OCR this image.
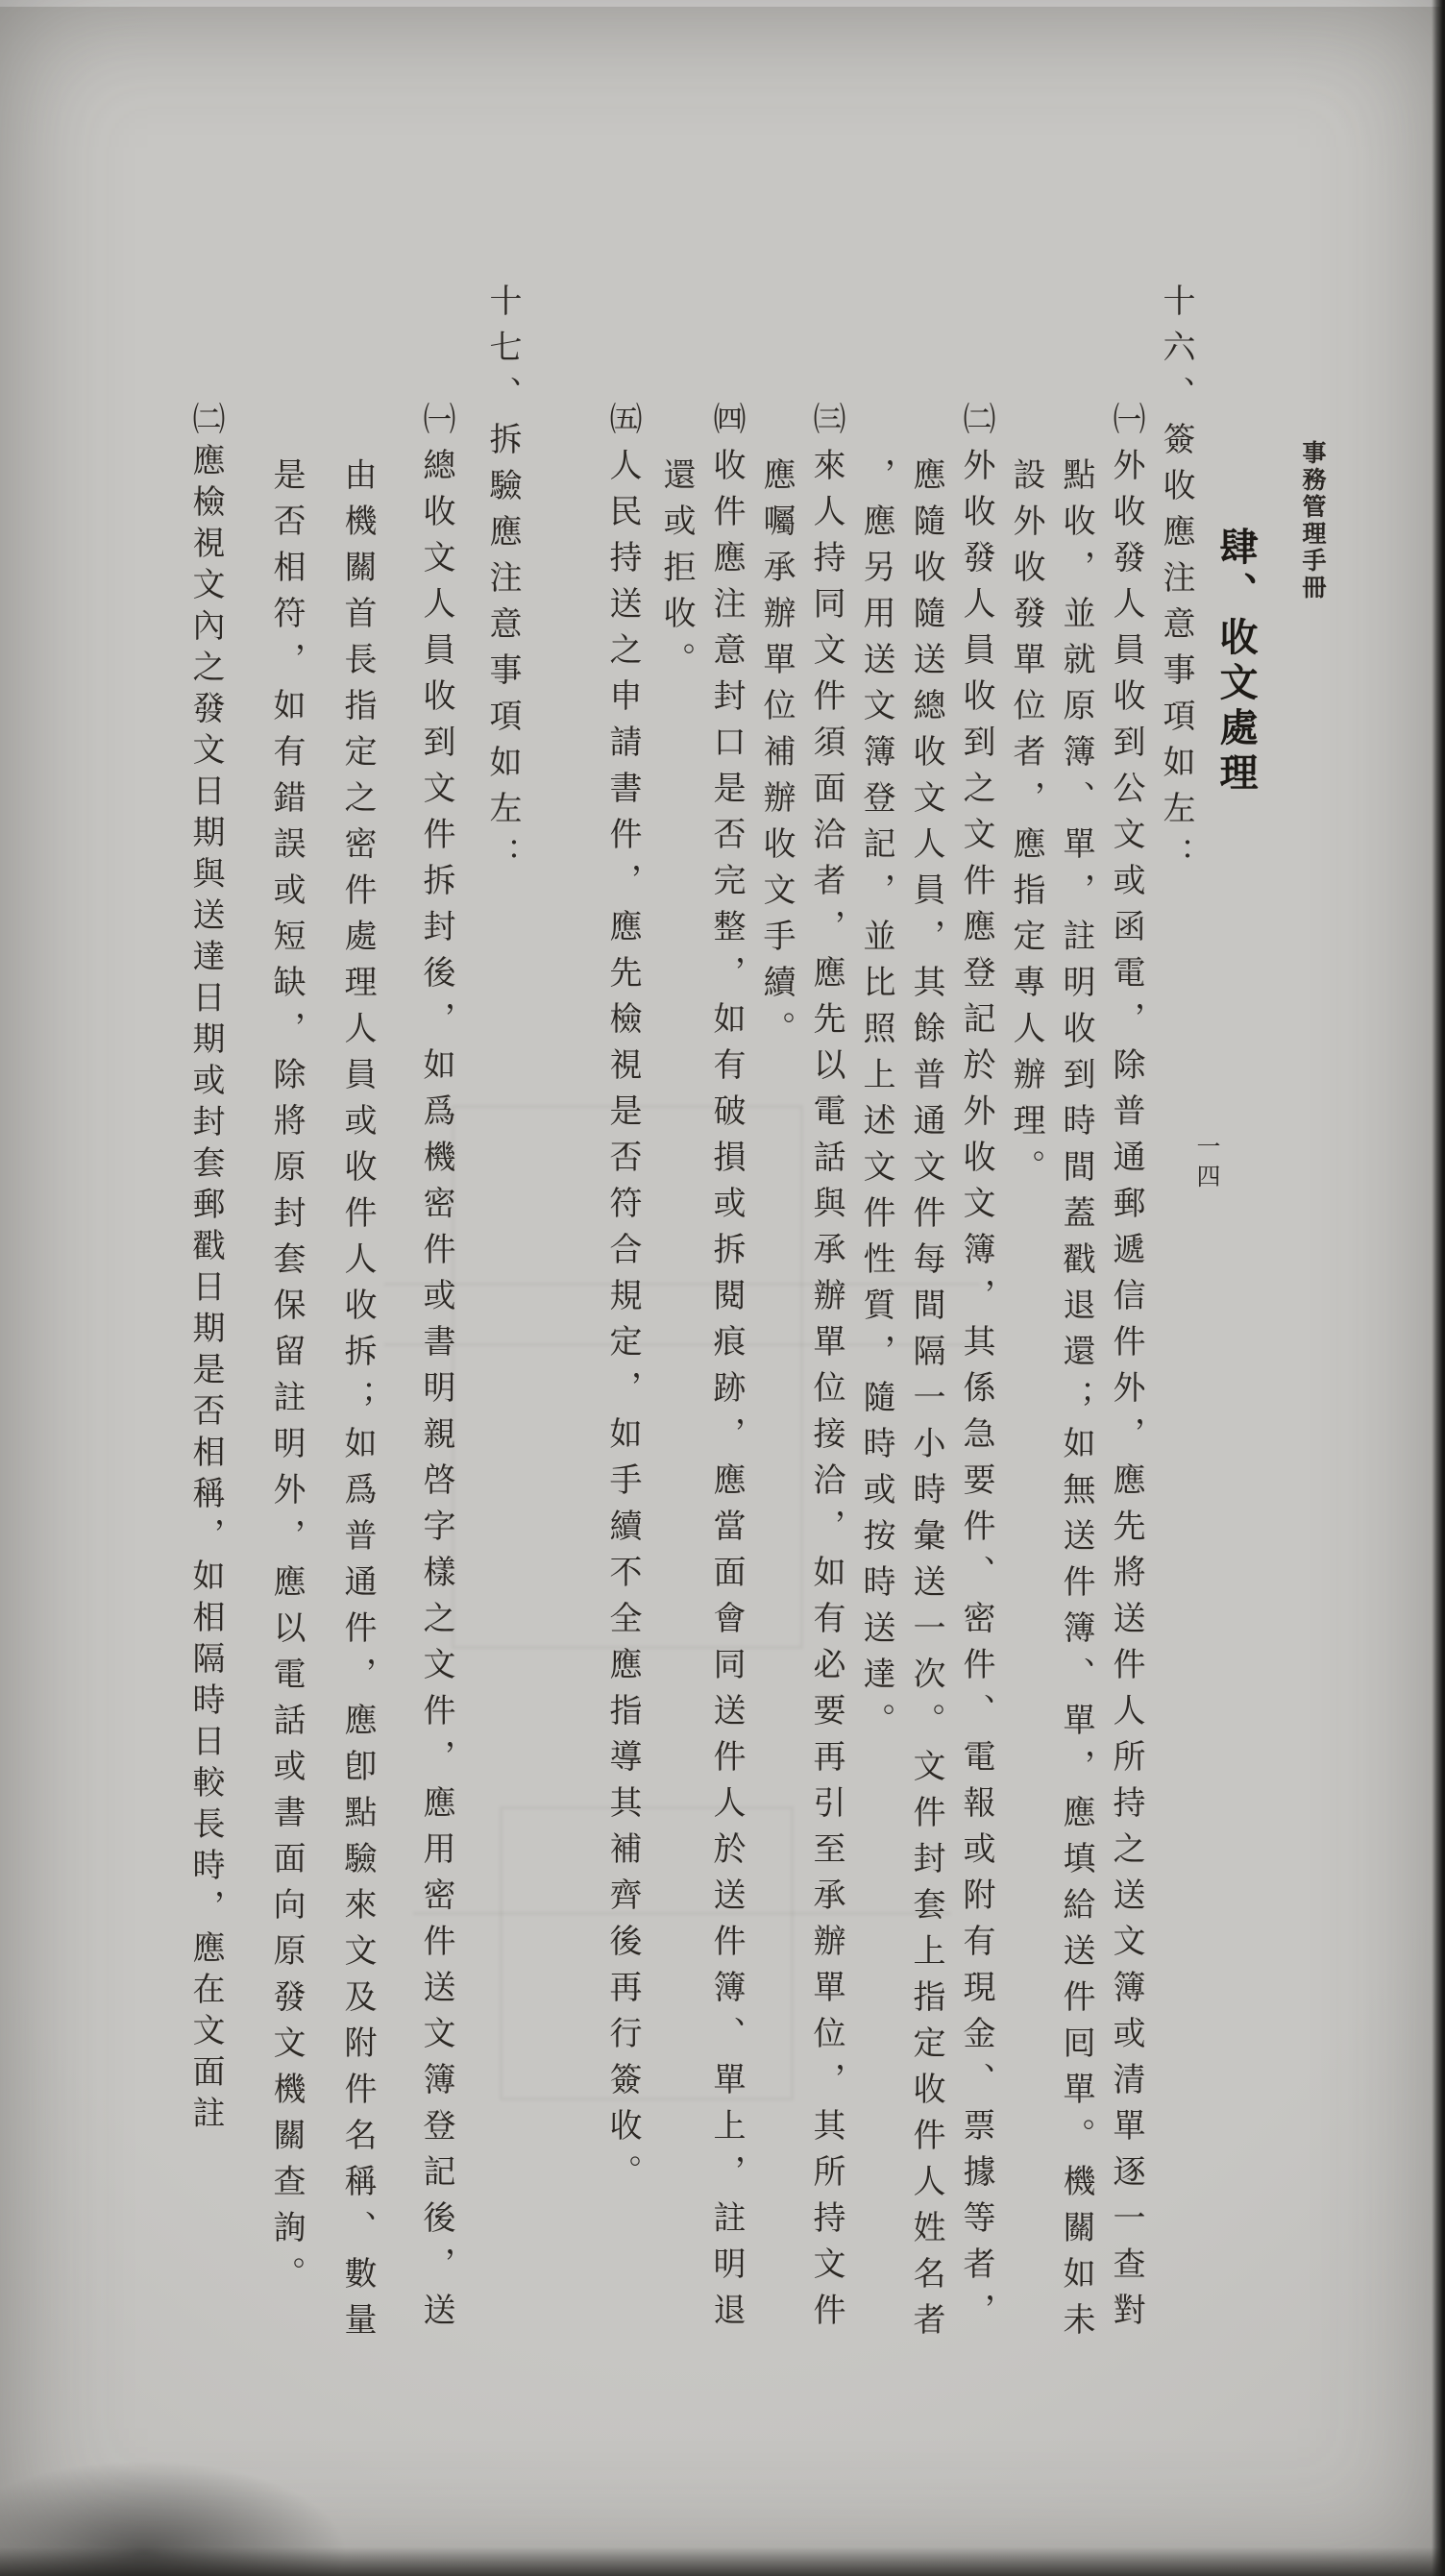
事務管理手冊
肆、收文處理
一四
十六、簽收應注意事項如左：
㈠外收發人員收到公文或函電，除普通郵遞信件外，應先將送件人所持之送文簿或清單逐一查對
點收，並就原簿、單，註明收到時間蓋戳退還；如無送件簿、單，應填給送件囘單。機關如未
設外收發單位者，應指定專人辦理。
㈡外收發人員收到之文件應登記於外收文簿，其係急要件、密件、電報或附有現金、票據等者，
應隨收隨送總收文人員，其餘普通文件每間隔一小時彙送一次。文件封套上指定收件人姓名者
，應另用送文簿登記，並比照上述文件性質，隨時或按時送達。
㈢來人持同文件須面洽者，應先以電話與承辦單位接洽，如有必要再引至承辦單位，其所持文件
應囑承辦單位補辦收文手續。
㈣收件應注意封口是否完整，如有破損或拆閱痕跡，應當面會同送件人於送件簿、單上，註明退
還或拒收。
㈤人民持送之申請書件，應先檢視是否符合規定，如手續不全應指導其補齊後再行簽收。
十七、拆驗應注意事項如左：
㈠總收文人員收到文件拆封後，如爲機密件或書明親啓字樣之文件，應用密件送文簿登記後，送
由機關首長指定之密件處理人員或收件人收拆；如爲普通件，應卽點驗來文及附件名稱、數量
是否相符，如有錯誤或短缺，除將原封套保留註明外，應以電話或書面向原發文機關查詢。
㈡應檢視文內之發文日期與送達日期或封套郵戳日期是否相稱，如相隔時日較長時，應在文面註
